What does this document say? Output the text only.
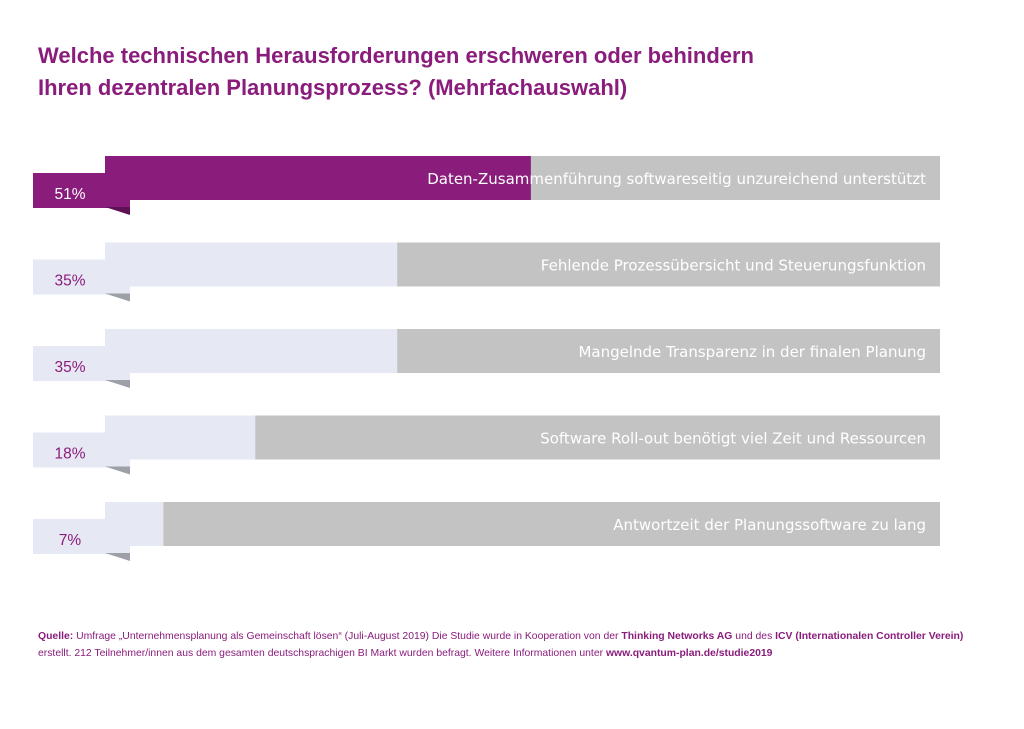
Welche technischen Herausforderungen erschweren oder behindern
Ihren dezentralen Planungsprozess? (Mehrfachauswahl)
51%
Daten-Zusammenführung softwareseitig unzureichend unterstützt
35%
Fehlende Prozessübersicht und Steuerungsfunktion
35%
Mangelnde Transparenz in der finalen Planung
18%
Software Roll-out benötigt viel Zeit und Ressourcen
7%
Antwortzeit der Planungssoftware zu lang
Quelle: Umfrage „Unternehmensplanung als Gemeinschaft lösen“ (Juli-August 2019) Die Studie wurde in Kooperation von der Thinking Networks AG und des ICV (Internationalen Controller Verein)
erstellt. 212 Teilnehmer/innen aus dem gesamten deutschsprachigen BI Markt wurden befragt. Weitere Informationen unter www.qvantum-plan.de/studie2019
